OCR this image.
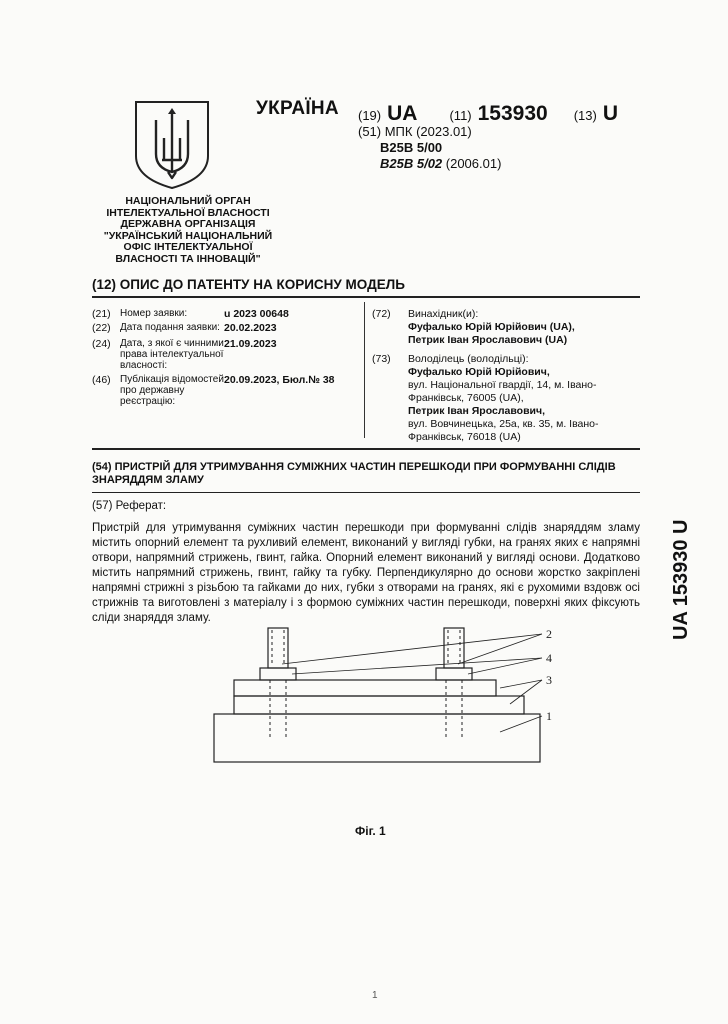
УКРАЇНА (19) UA (11) 153930 (13) U
(51) МПК (2023.01)
B25B 5/00
B25B 5/02 (2006.01)
НАЦІОНАЛЬНИЙ ОРГАН
ІНТЕЛЕКТУАЛЬНОЇ ВЛАСНОСТІ
ДЕРЖАВНА ОРГАНІЗАЦІЯ
"УКРАЇНСЬКИЙ НАЦІОНАЛЬНИЙ
ОФІС ІНТЕЛЕКТУАЛЬНОЇ
ВЛАСНОСТІ ТА ІННОВАЦІЙ"
(12) ОПИС ДО ПАТЕНТУ НА КОРИСНУ МОДЕЛЬ
(21) Номер заявки:	u 2023 00648
(22) Дата подання заявки: 20.02.2023
(24) Дата, з якої є чинними права інтелектуальної власності:
21.09.2023
(46) Публікація відомостей про державну реєстрацію:
20.09.2023, Бюл.№ 38
(72)	Винахідник(и):
Фуфалько Юрій Юрійович (UA),
Петрик Іван Ярославович (UA)
(73)	Володілець (володільці):
Фуфалько Юрій Юрійович,
вул. Національної гвардії, 14, м. Івано-Франківськ, 76005 (UA),
Петрик Іван Ярославович,
вул. Вовчинецька, 25а, кв. 35, м. Івано-Франківськ, 76018 (UA)
(54) ПРИСТРІЙ ДЛЯ УТРИМУВАННЯ СУМІЖНИХ ЧАСТИН ПЕРЕШКОДИ ПРИ ФОРМУВАННІ СЛІДІВ ЗНАРЯДДЯМ ЗЛАМУ
(57) Реферат:
Пристрій для утримування суміжних частин перешкоди при формуванні слідів знаряддям зламу містить опорний елемент та рухливий елемент, виконаний у вигляді губки, на гранях яких є напрямні отвори, напрямний стрижень, гвинт, гайка. Опорний елемент виконаний у вигляді основи. Додатково містить напрямний стрижень, гвинт, гайку та губку. Перпендикулярно до основи жорстко закріплені напрямні стрижні з різьбою та гайками до них, губки з отворами на гранях, які є рухомими вздовж осі стрижнів та виготовлені з матеріалу і з формою суміжних частин перешкоди, поверхні яких фіксують сліди знаряддя зламу.
2
4
3
1
Фіг. 1
UA 153930 U
1
